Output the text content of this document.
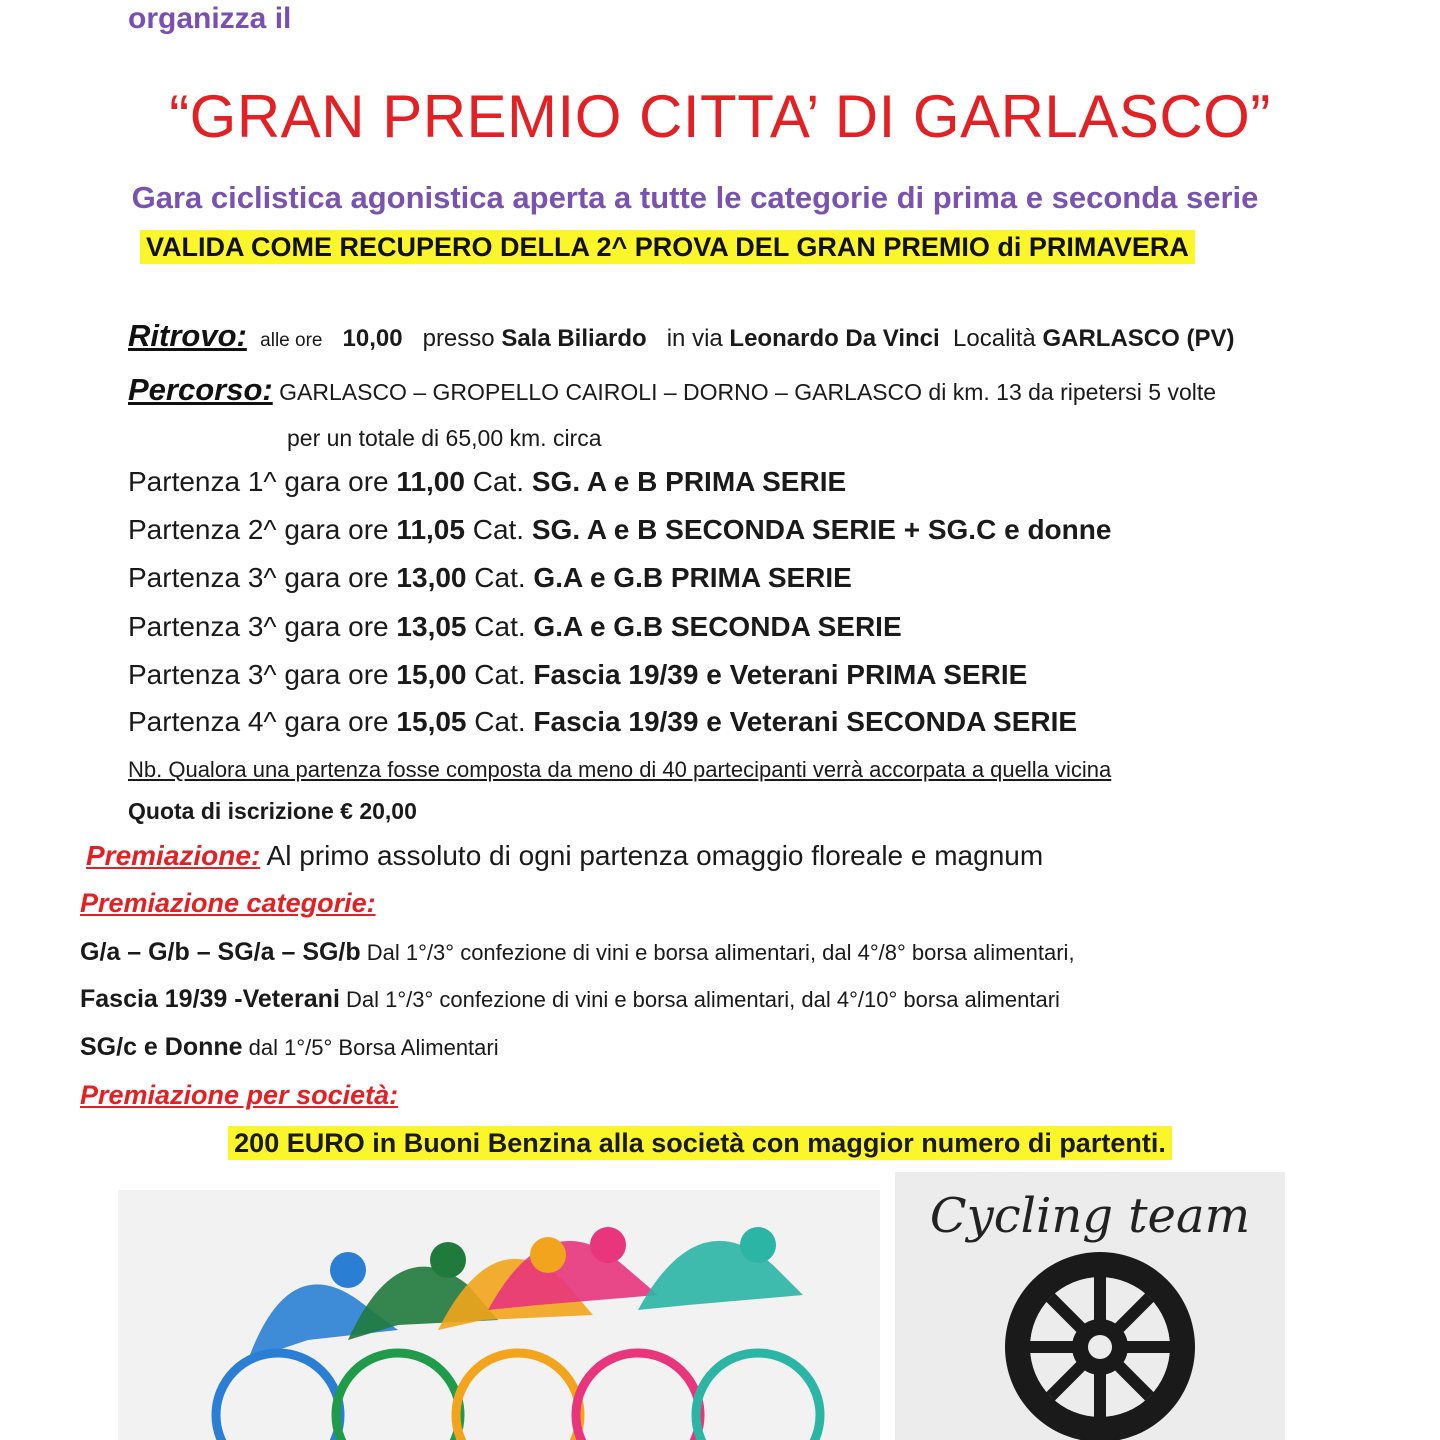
organizza il
“GRAN PREMIO CITTA’ DI GARLASCO”
Gara ciclistica agonistica aperta a tutte le categorie di prima e seconda serie
VALIDA COME RECUPERO DELLA 2^ PROVA DEL GRAN PREMIO di PRIMAVERA
Ritrovo: alle ore 10,00 presso Sala Biliardo in via Leonardo Da Vinci Località GARLASCO (PV)
Percorso: GARLASCO – GROPELLO CAIROLI – DORNO – GARLASCO di km. 13 da ripetersi 5 volte
per un totale di 65,00 km. circa
Partenza 1^ gara ore 11,00 Cat. SG. A e B PRIMA SERIE
Partenza 2^ gara ore 11,05 Cat. SG. A e B SECONDA SERIE + SG.C e donne
Partenza 3^ gara ore 13,00 Cat. G.A e G.B PRIMA SERIE
Partenza 3^ gara ore 13,05 Cat. G.A e G.B SECONDA SERIE
Partenza 3^ gara ore 15,00 Cat. Fascia 19/39 e Veterani PRIMA SERIE
Partenza 4^ gara ore 15,05 Cat. Fascia 19/39 e Veterani SECONDA SERIE
Nb. Qualora una partenza fosse composta da meno di 40 partecipanti verrà accorpata a quella vicina
Quota di iscrizione € 20,00
Premiazione: Al primo assoluto di ogni partenza omaggio floreale e magnum
Premiazione categorie:
G/a – G/b – SG/a – SG/b Dal 1°/3° confezione di vini e borsa alimentari, dal 4°/8° borsa alimentari,
Fascia 19/39 -Veterani Dal 1°/3° confezione di vini e borsa alimentari, dal 4°/10° borsa alimentari
SG/c e Donne dal 1°/5° Borsa Alimentari
Premiazione per società:
200 EURO in Buoni Benzina alla società con maggior numero di partenti.
Cycling team
